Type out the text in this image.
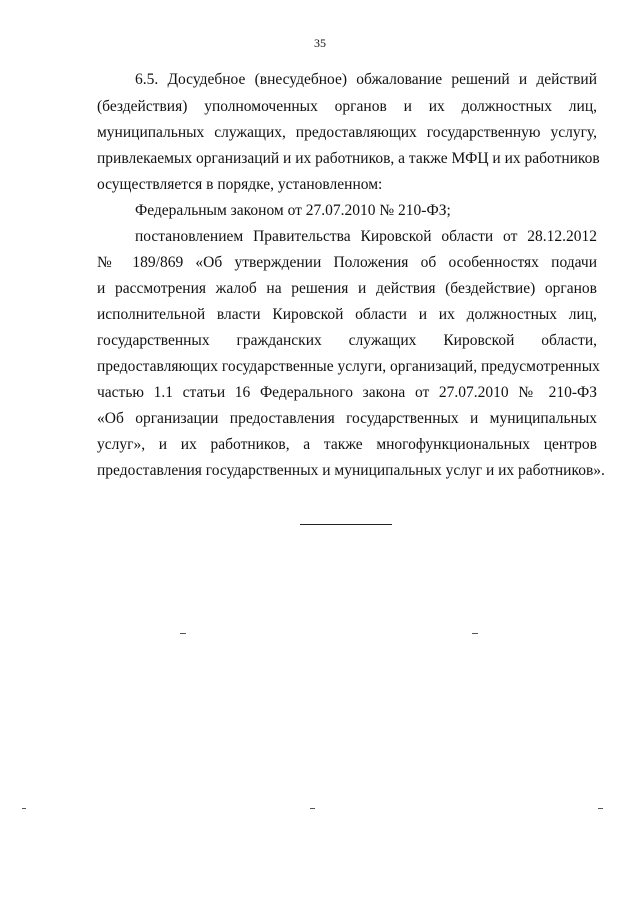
35
6.5. Досудебное (внесудебное) обжалование решений и действий
(бездействия) уполномоченных органов и их должностных лиц,
муниципальных служащих, предоставляющих государственную услугу,
привлекаемых организаций и их работников, а также МФЦ и их работников
осуществляется в порядке, установленном:
Федеральным законом от 27.07.2010 № 210-ФЗ;
постановлением Правительства Кировской области от 28.12.2012
№ 189/869 «Об утверждении Положения об особенностях подачи
и рассмотрения жалоб на решения и действия (бездействие) органов
исполнительной власти Кировской области и их должностных лиц,
государственных гражданских служащих Кировской области,
предоставляющих государственные услуги, организаций, предусмотренных
частью 1.1 статьи 16 Федерального закона от 27.07.2010 № 210-ФЗ
«Об организации предоставления государственных и муниципальных
услуг», и их работников, а также многофункциональных центров
предоставления государственных и муниципальных услуг и их работников».
